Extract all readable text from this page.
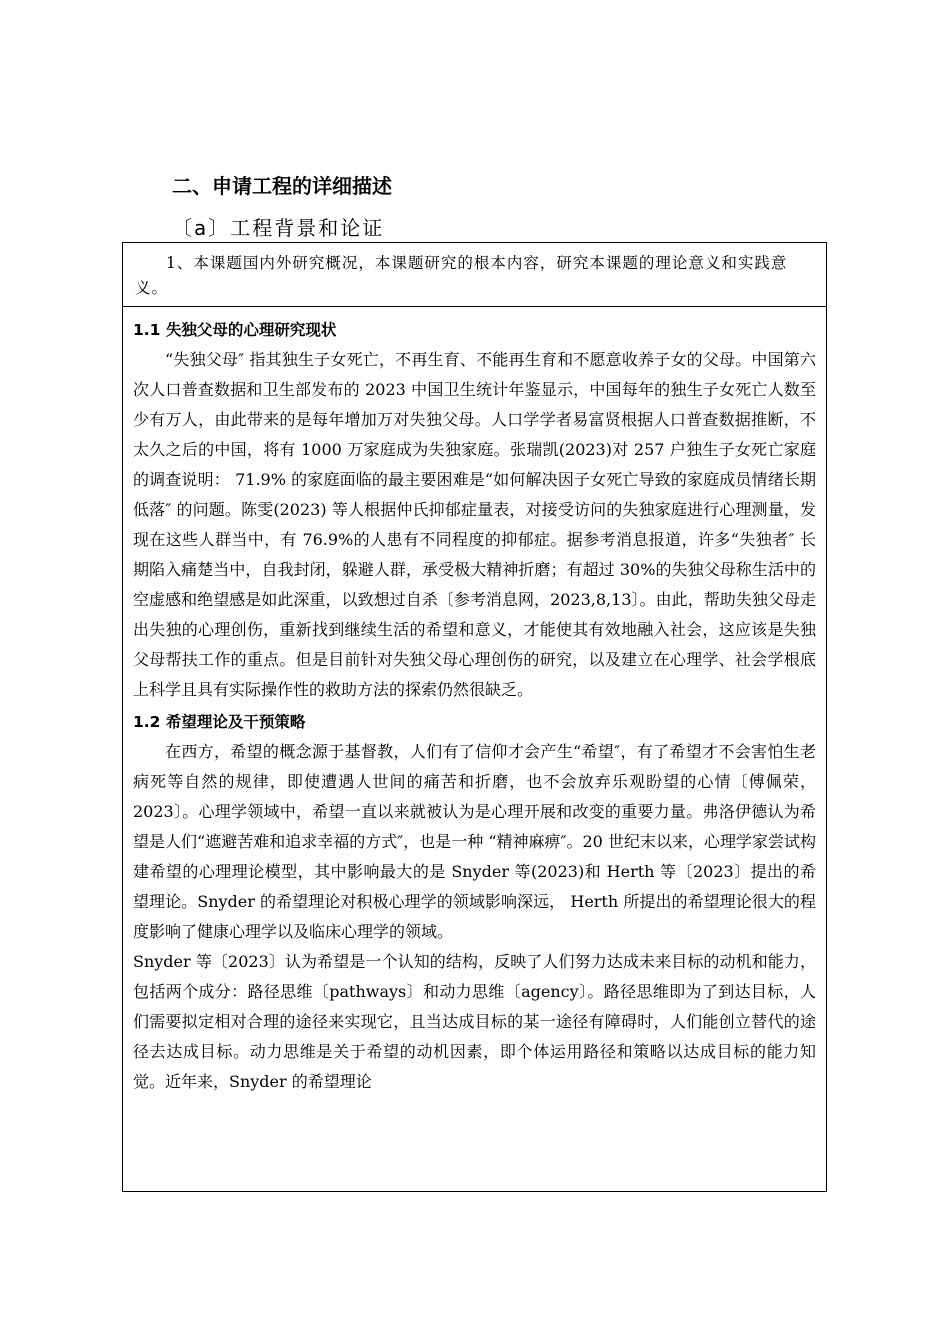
二、申请工程的详细描述
〔a〕工程背景和论证
1、本课题国内外研究概况，本课题研究的根本内容，研究本课题的理论意义和实践意义。
1.1 失独父母的心理研究现状

“失独父母″ 指其独生子女死亡，不再生育、不能再生育和不愿意收养子女的父母。中国第六次人口普查数据和卫生部发布的 2023 中国卫生统计年鉴显示，中国每年的独生子女死亡人数至少有万人，由此带来的是每年增加万对失独父母。人口学学者易富贤根据人口普查数据推断，不太久之后的中国，将有 1000 万家庭成为失独家庭。张瑞凯(2023)对 257 户独生子女死亡家庭的调查说明： 71.9% 的家庭面临的最主要困难是“如何解决因子女死亡导致的家庭成员情绪长期低落″ 的问题。陈雯(2023) 等人根据仲氏抑郁症量表，对接受访问的失独家庭进行心理测量，发现在这些人群当中，有 76.9%的人患有不同程度的抑郁症。据参考消息报道，许多“失独者″ 长期陷入痛楚当中，自我封闭，躲避人群，承受极大精神折磨；有超过 30%的失独父母称生活中的空虚感和绝望感是如此深重，以致想过自杀〔参考消息网，2023,8,13〕。由此，帮助失独父母走出失独的心理创伤，重新找到继续生活的希望和意义，才能使其有效地融入社会，这应该是失独父母帮扶工作的重点。但是目前针对失独父母心理创伤的研究，以及建立在心理学、社会学根底上科学且具有实际操作性的救助方法的探索仍然很缺乏。

1.2 希望理论及干预策略

在西方，希望的概念源于基督教，人们有了信仰才会产生“希望″，有了希望才不会害怕生老病死等自然的规律，即使遭遇人世间的痛苦和折磨，也不会放弃乐观盼望的心情〔傅佩荣，2023〕。心理学领域中，希望一直以来就被认为是心理开展和改变的重要力量。弗洛伊德认为希望是人们“遮避苦难和追求幸福的方式″，也是一种 “精神麻痹″。20 世纪末以来，心理学家尝试构建希望的心理理论模型，其中影响最大的是 Snyder 等(2023)和 Herth 等〔2023〕提出的希望理论。Snyder 的希望理论对积极心理学的领域影响深远， Herth 所提出的希望理论很大的程度影响了健康心理学以及临床心理学的领域。

Snyder 等〔2023〕认为希望是一个认知的结构，反映了人们努力达成未来目标的动机和能力，包括两个成分：路径思维〔pathways〕和动力思维〔agency〕。路径思维即为了到达目标，人们需要拟定相对合理的途径来实现它，且当达成目标的某一途径有障碍时，人们能创立替代的途径去达成目标。动力思维是关于希望的动机因素，即个体运用路径和策略以达成目标的能力知觉。近年来，Snyder 的希望理论
